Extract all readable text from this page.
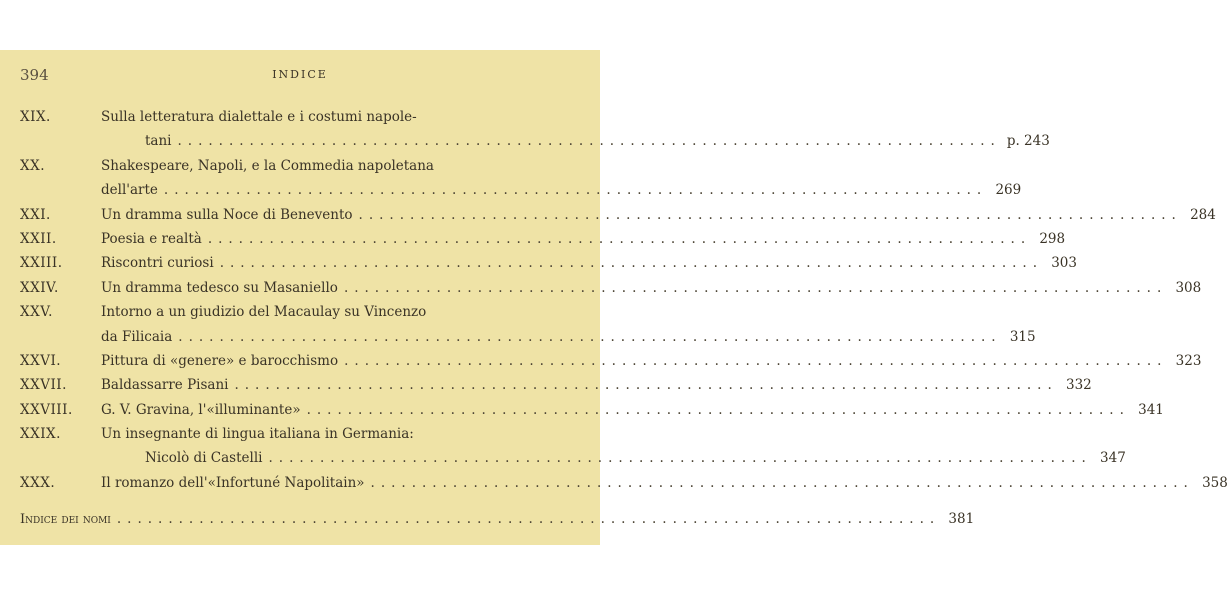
394	INDICE
XIX.	Sulla letteratura dialettale e i costumi napole-
tani ................................................................................ p. 243
XX.	Shakespeare, Napoli, e la Commedia napoletana
dell'arte ................................................................................ 269
XXI.	Un dramma sulla Noce di Benevento ................................................................................ 284
XXII.	Poesia e realtà ................................................................................ 298
XXIII.	Riscontri curiosi ................................................................................ 303
XXIV.	Un dramma tedesco su Masaniello ................................................................................ 308
XXV.	Intorno a un giudizio del Macaulay su Vincenzo
da Filicaia ................................................................................ 315
XXVI.	Pittura di «genere» e barocchismo ................................................................................ 323
XXVII.	Baldassarre Pisani ................................................................................ 332
XXVIII. G. V. Gravina, l'«illuminante» ................................................................................ 341
XXIX.	Un insegnante di lingua italiana in Germania:
Nicolò di Castelli ................................................................................ 347
XXX.	Il romanzo dell'«Infortuné Napolitain» ................................................................................ 358
Indice dei nomi ................................................................................ 381
